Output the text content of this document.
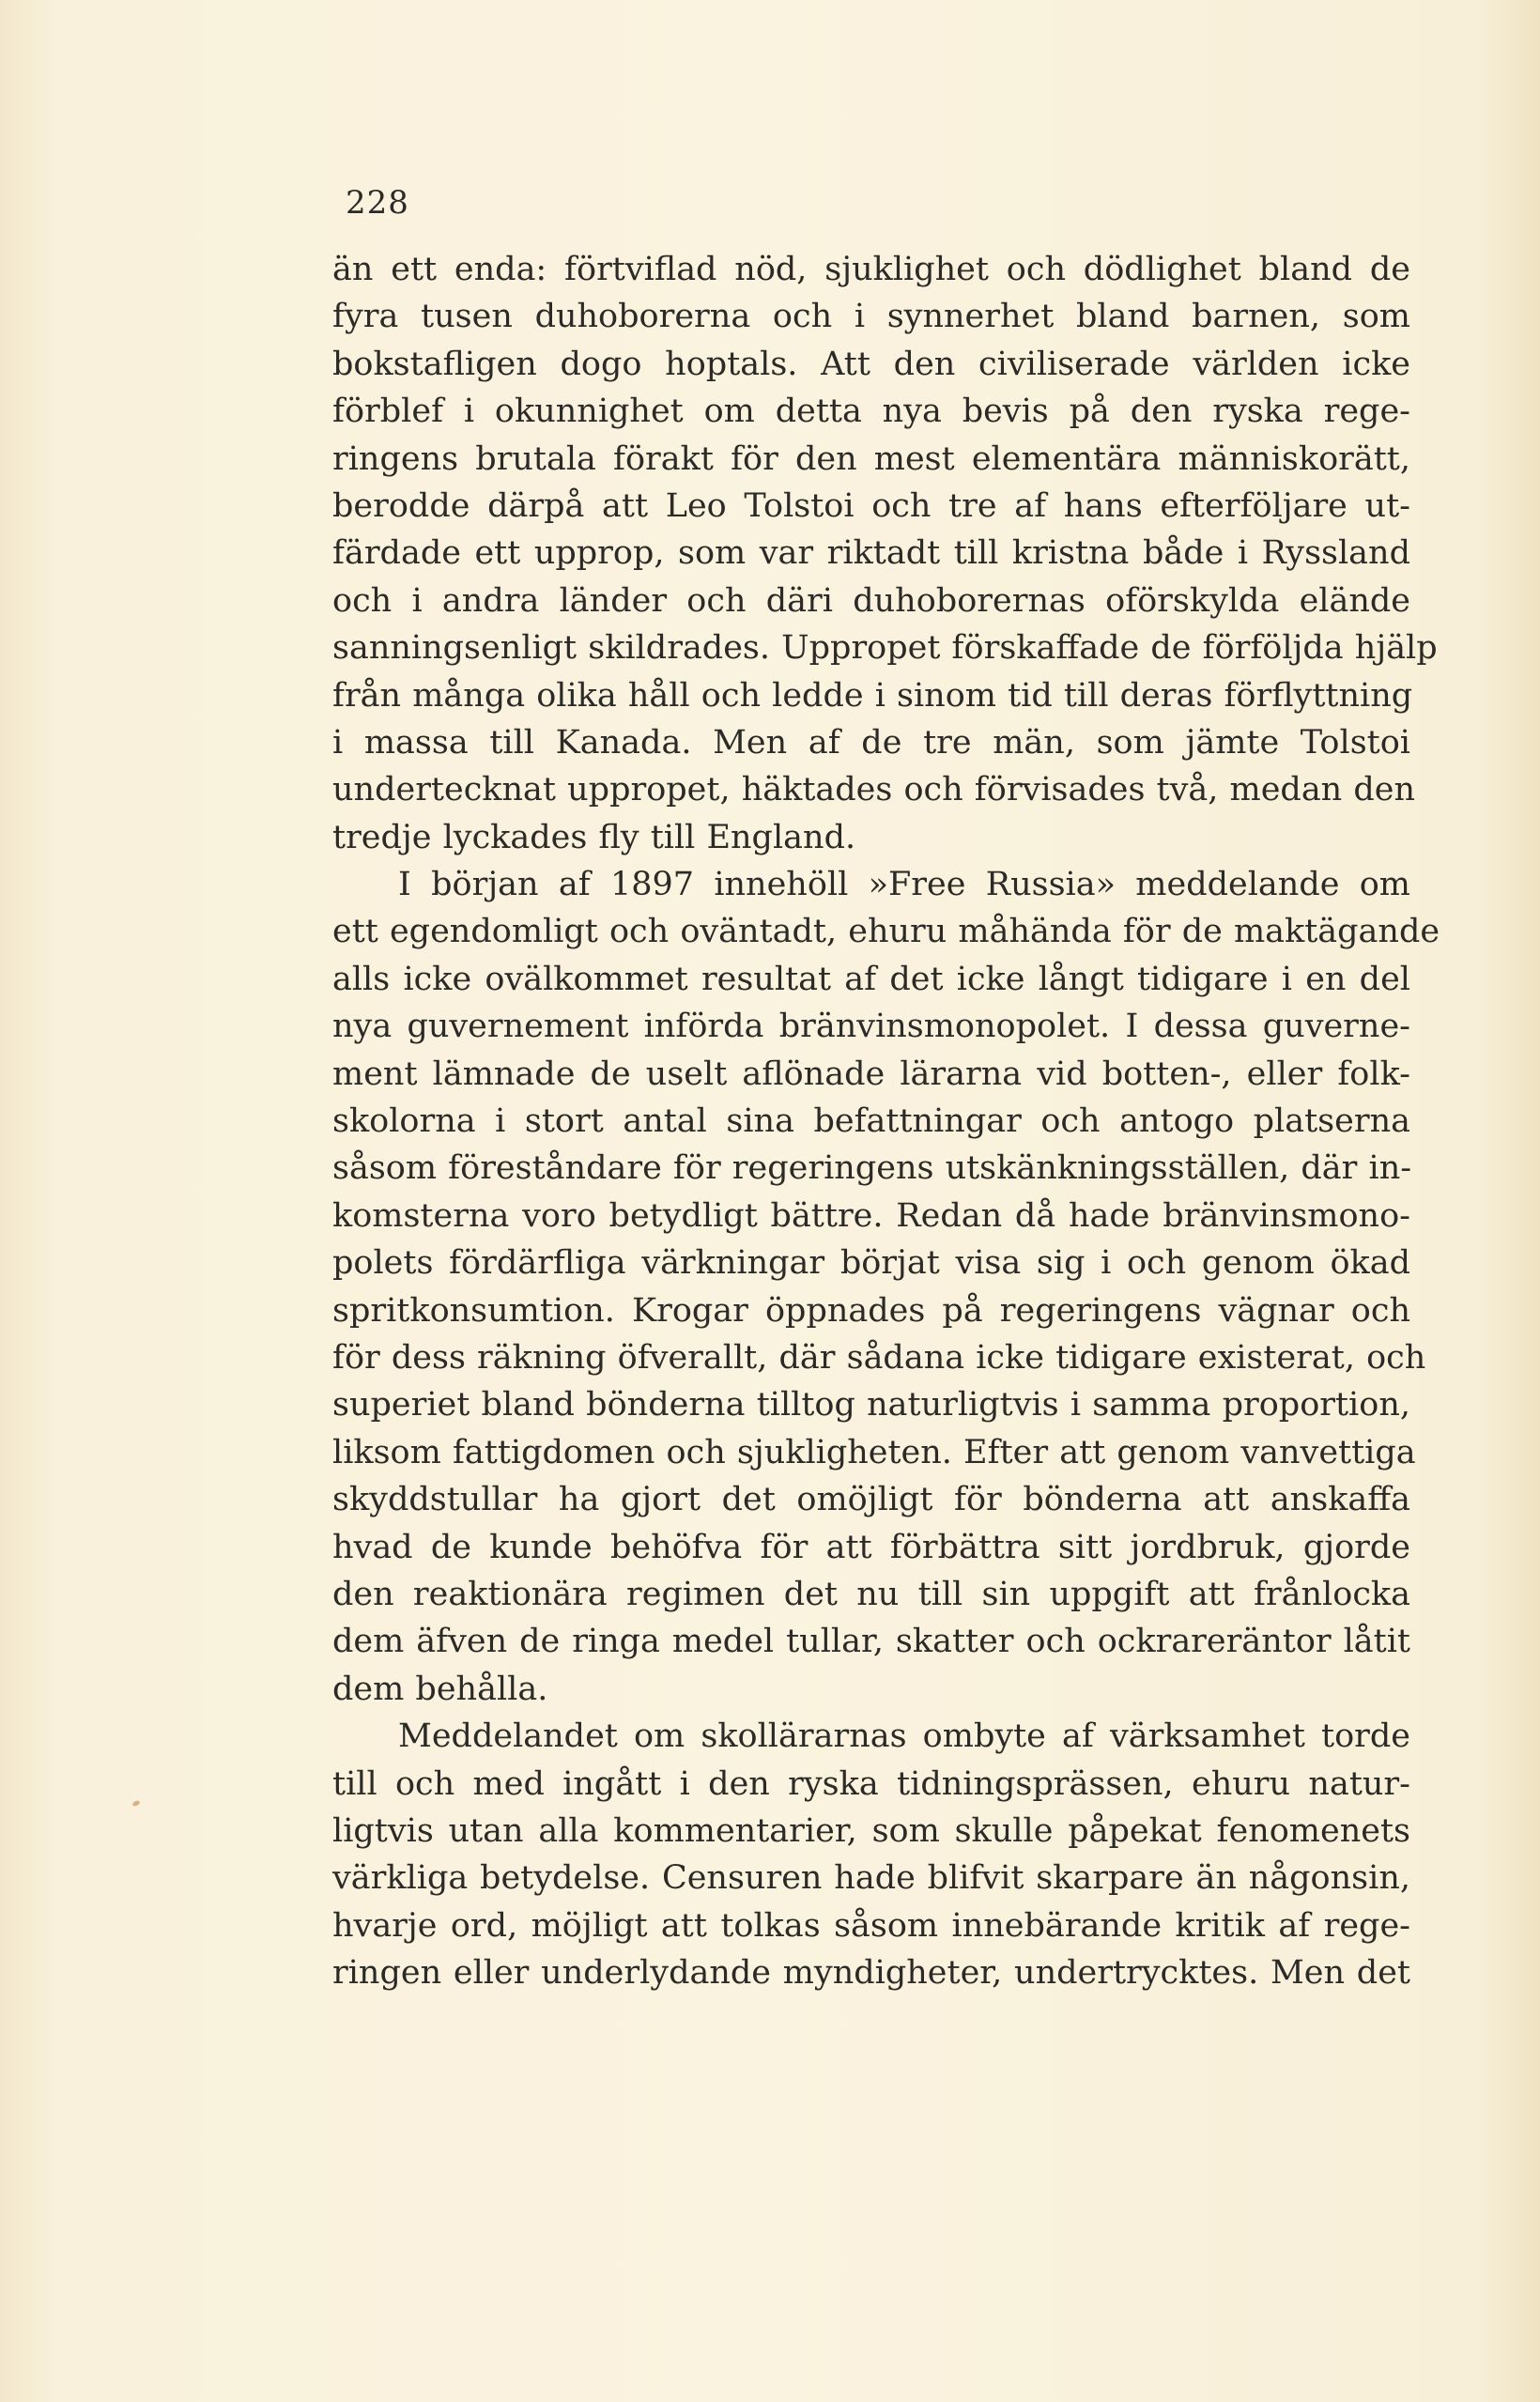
228
än ett enda: förtviflad nöd, sjuklighet och dödlighet bland de
fyra tusen duhoborerna och i synnerhet bland barnen, som
bokstafligen dogo hoptals. Att den civiliserade världen icke
förblef i okunnighet om detta nya bevis på den ryska rege-
ringens brutala förakt för den mest elementära människorätt,
berodde därpå att Leo Tolstoi och tre af hans efterföljare ut-
färdade ett upprop, som var riktadt till kristna både i Ryssland
och i andra länder och däri duhoborernas oförskylda elände
sanningsenligt skildrades. Uppropet förskaffade de förföljda hjälp
från många olika håll och ledde i sinom tid till deras förflyttning
i massa till Kanada. Men af de tre män, som jämte Tolstoi
undertecknat uppropet, häktades och förvisades två, medan den
tredje lyckades fly till England.
I början af 1897 innehöll »Free Russia» meddelande om
ett egendomligt och oväntadt, ehuru måhända för de maktägande
alls icke ovälkommet resultat af det icke långt tidigare i en del
nya guvernement införda bränvinsmonopolet. I dessa guverne-
ment lämnade de uselt aflönade lärarna vid botten-, eller folk-
skolorna i stort antal sina befattningar och antogo platserna
såsom föreståndare för regeringens utskänkningsställen, där in-
komsterna voro betydligt bättre. Redan då hade bränvinsmono-
polets fördärfliga värkningar börjat visa sig i och genom ökad
spritkonsumtion. Krogar öppnades på regeringens vägnar och
för dess räkning öfverallt, där sådana icke tidigare existerat, och
superiet bland bönderna tilltog naturligtvis i samma proportion,
liksom fattigdomen och sjukligheten. Efter att genom vanvettiga
skyddstullar ha gjort det omöjligt för bönderna att anskaffa
hvad de kunde behöfva för att förbättra sitt jordbruk, gjorde
den reaktionära regimen det nu till sin uppgift att frånlocka
dem äfven de ringa medel tullar, skatter och ockrareräntor låtit
dem behålla.
Meddelandet om skollärarnas ombyte af värksamhet torde
till och med ingått i den ryska tidningsprässen, ehuru natur-
ligtvis utan alla kommentarier, som skulle påpekat fenomenets
värkliga betydelse. Censuren hade blifvit skarpare än någonsin,
hvarje ord, möjligt att tolkas såsom innebärande kritik af rege-
ringen eller underlydande myndigheter, undertrycktes. Men det
